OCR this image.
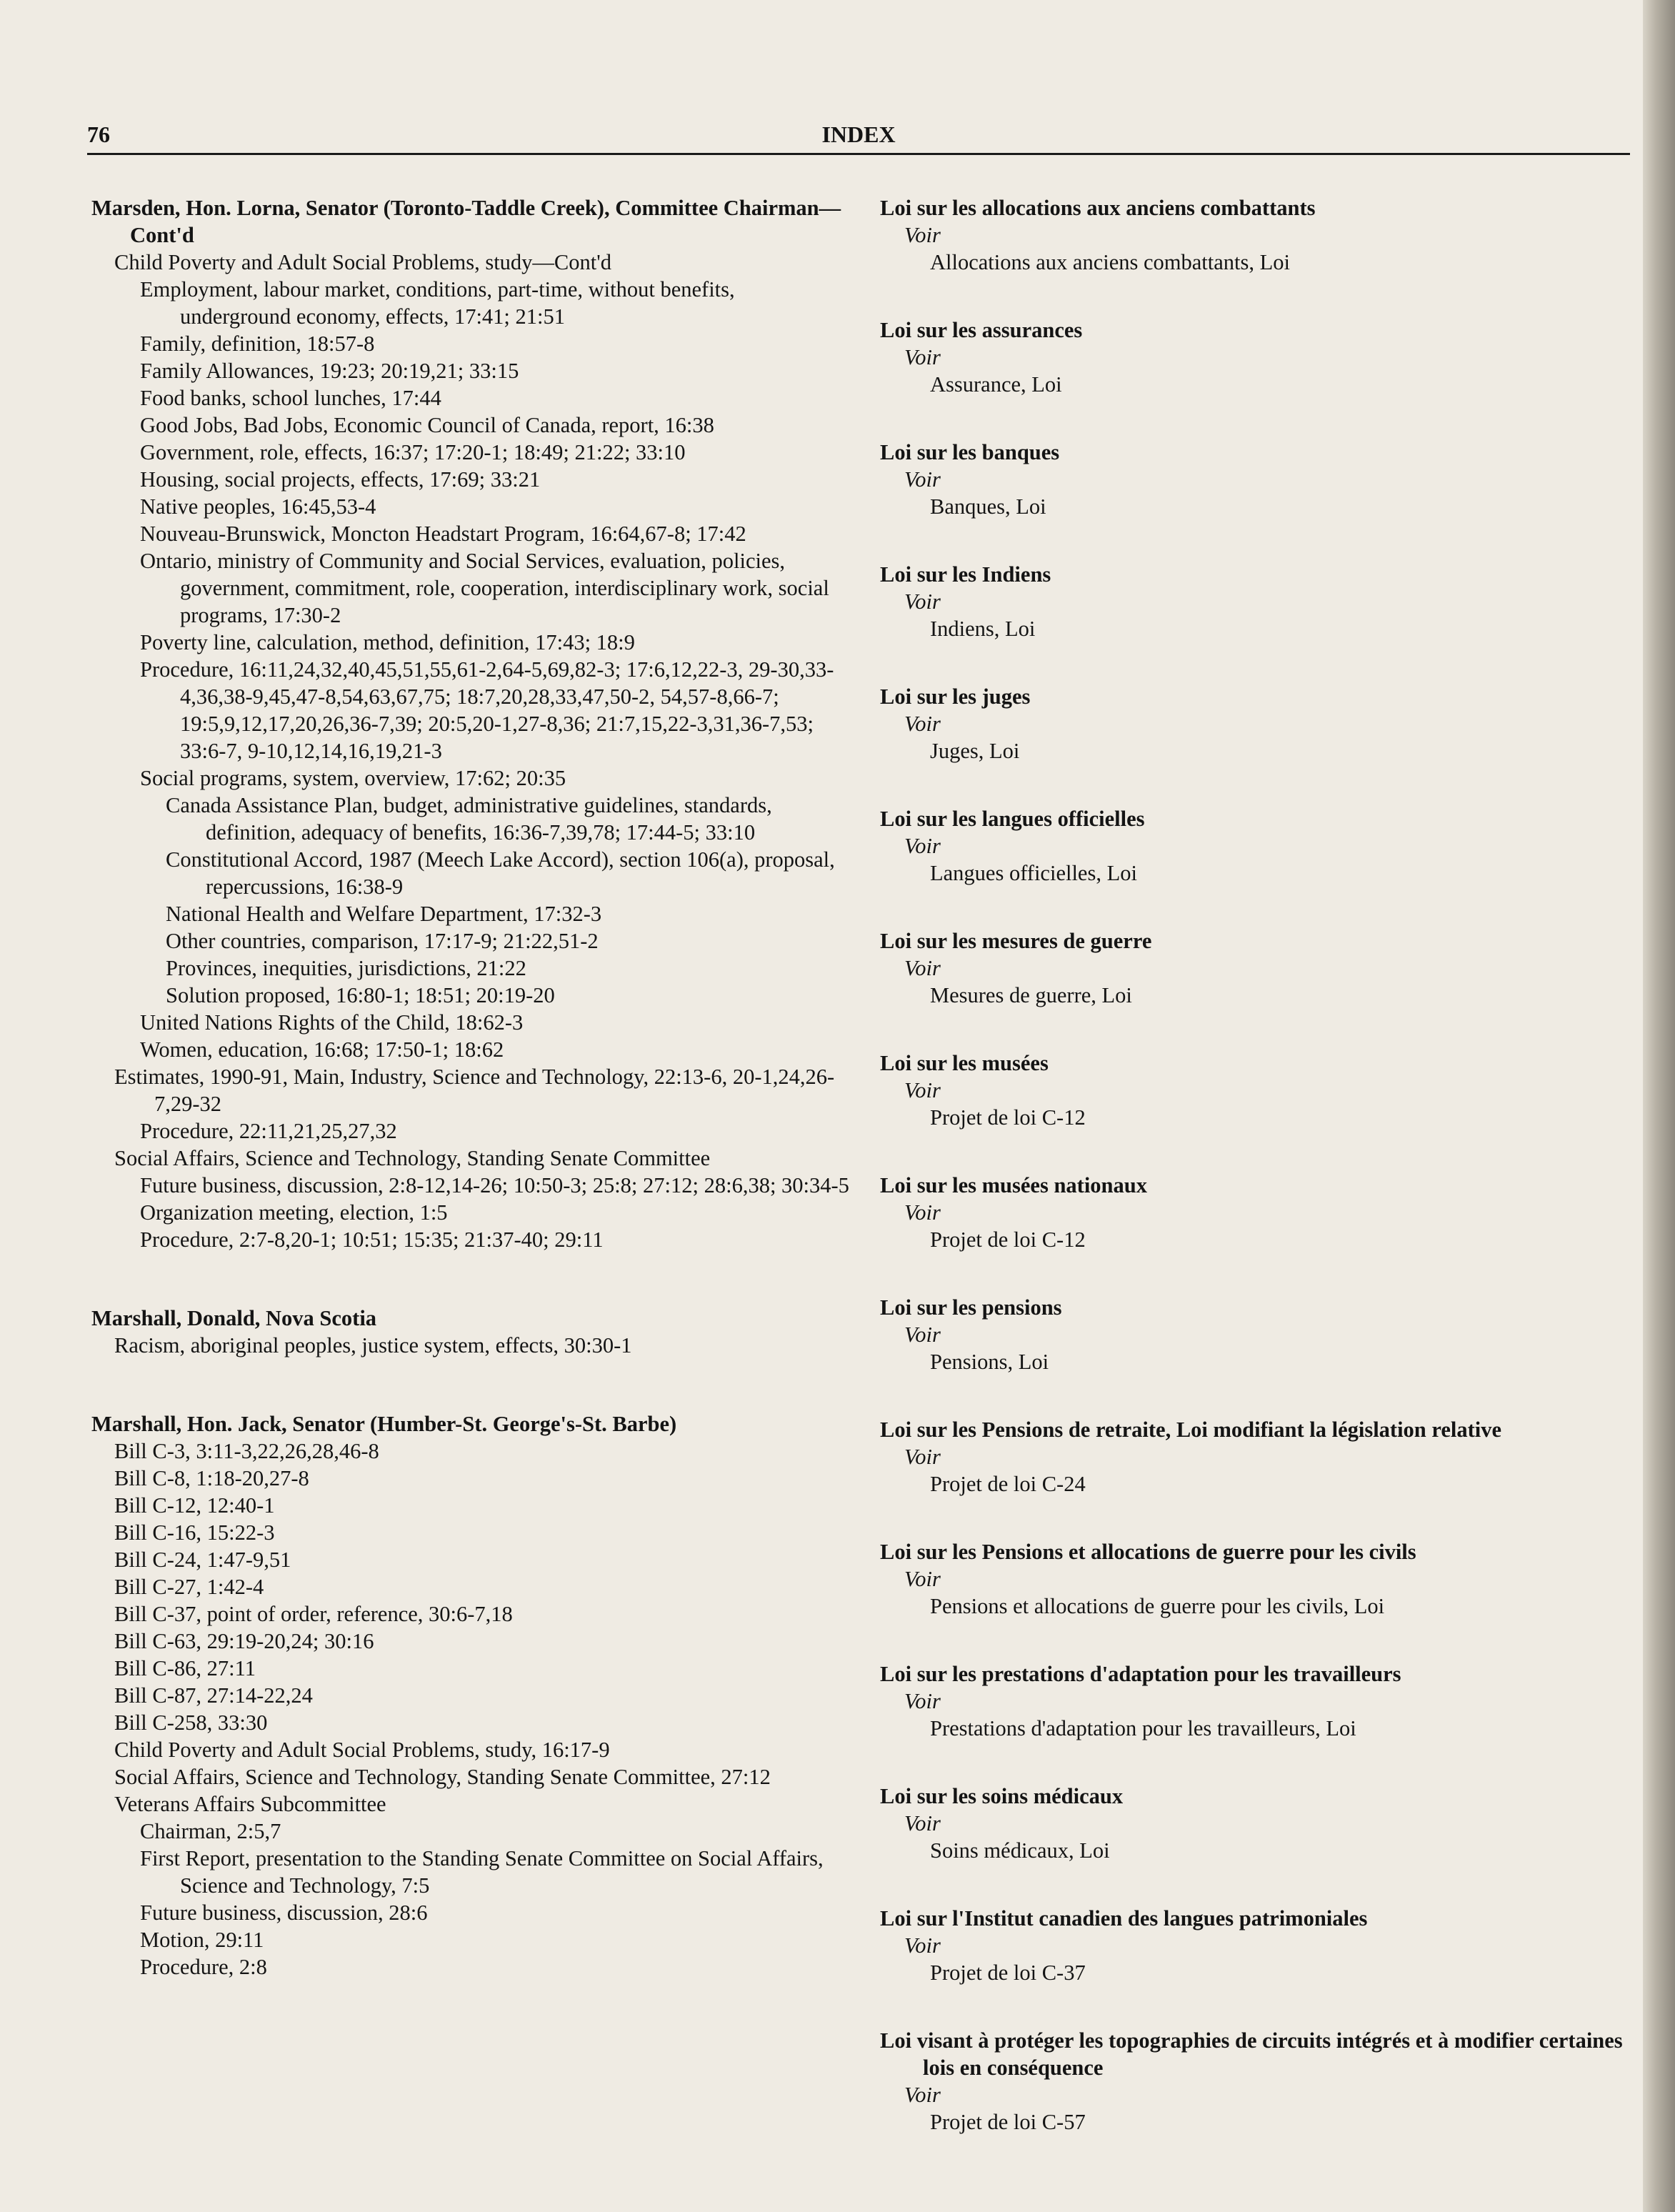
76	INDEX
Marsden, Hon. Lorna, Senator (Toronto-Taddle Creek), Committee Chairman—Cont'd
Child Poverty and Adult Social Problems, study—Cont'd
Employment, labour market, conditions, part-time, without benefits, underground economy, effects, 17:41; 21:51
Family, definition, 18:57-8
Family Allowances, 19:23; 20:19,21; 33:15
Food banks, school lunches, 17:44
Good Jobs, Bad Jobs, Economic Council of Canada, report, 16:38
Government, role, effects, 16:37; 17:20-1; 18:49; 21:22; 33:10
Housing, social projects, effects, 17:69; 33:21
Native peoples, 16:45,53-4
Nouveau-Brunswick, Moncton Headstart Program, 16:64,67-8; 17:42
Ontario, ministry of Community and Social Services, evaluation, policies, government, commitment, role, cooperation, interdisciplinary work, social programs, 17:30-2
Poverty line, calculation, method, definition, 17:43; 18:9
Procedure, 16:11,24,32,40,45,51,55,61-2,64-5,69,82-3; 17:6,12,22-3, 29-30,33-4,36,38-9,45,47-8,54,63,67,75; 18:7,20,28,33,47,50-2, 54,57-8,66-7; 19:5,9,12,17,20,26,36-7,39; 20:5,20-1,27-8,36; 21:7,15,22-3,31,36-7,53; 33:6-7, 9-10,12,14,16,19,21-3
Social programs, system, overview, 17:62; 20:35
Canada Assistance Plan, budget, administrative guidelines, standards, definition, adequacy of benefits, 16:36-7,39,78; 17:44-5; 33:10
Constitutional Accord, 1987 (Meech Lake Accord), section 106(a), proposal, repercussions, 16:38-9
National Health and Welfare Department, 17:32-3
Other countries, comparison, 17:17-9; 21:22,51-2
Provinces, inequities, jurisdictions, 21:22
Solution proposed, 16:80-1; 18:51; 20:19-20
United Nations Rights of the Child, 18:62-3
Women, education, 16:68; 17:50-1; 18:62
Estimates, 1990-91, Main, Industry, Science and Technology, 22:13-6, 20-1,24,26-7,29-32
Procedure, 22:11,21,25,27,32
Social Affairs, Science and Technology, Standing Senate Committee
Future business, discussion, 2:8-12,14-26; 10:50-3; 25:8; 27:12; 28:6,38; 30:34-5
Organization meeting, election, 1:5
Procedure, 2:7-8,20-1; 10:51; 15:35; 21:37-40; 29:11
Marshall, Donald, Nova Scotia
Racism, aboriginal peoples, justice system, effects, 30:30-1
Marshall, Hon. Jack, Senator (Humber-St. George's-St. Barbe)
Bill C-3, 3:11-3,22,26,28,46-8
Bill C-8, 1:18-20,27-8
Bill C-12, 12:40-1
Bill C-16, 15:22-3
Bill C-24, 1:47-9,51
Bill C-27, 1:42-4
Bill C-37, point of order, reference, 30:6-7,18
Bill C-63, 29:19-20,24; 30:16
Bill C-86, 27:11
Bill C-87, 27:14-22,24
Bill C-258, 33:30
Child Poverty and Adult Social Problems, study, 16:17-9
Social Affairs, Science and Technology, Standing Senate Committee, 27:12
Veterans Affairs Subcommittee
Chairman, 2:5,7
First Report, presentation to the Standing Senate Committee on Social Affairs, Science and Technology, 7:5
Future business, discussion, 28:6
Motion, 29:11
Procedure, 2:8
Loi sur les allocations aux anciens combattants
Voir
Allocations aux anciens combattants, Loi
Loi sur les assurances
Voir
Assurance, Loi
Loi sur les banques
Voir
Banques, Loi
Loi sur les Indiens
Voir
Indiens, Loi
Loi sur les juges
Voir
Juges, Loi
Loi sur les langues officielles
Voir
Langues officielles, Loi
Loi sur les mesures de guerre
Voir
Mesures de guerre, Loi
Loi sur les musées
Voir
Projet de loi C-12
Loi sur les musées nationaux
Voir
Projet de loi C-12
Loi sur les pensions
Voir
Pensions, Loi
Loi sur les Pensions de retraite, Loi modifiant la législation relative
Voir
Projet de loi C-24
Loi sur les Pensions et allocations de guerre pour les civils
Voir
Pensions et allocations de guerre pour les civils, Loi
Loi sur les prestations d'adaptation pour les travailleurs
Voir
Prestations d'adaptation pour les travailleurs, Loi
Loi sur les soins médicaux
Voir
Soins médicaux, Loi
Loi sur l'Institut canadien des langues patrimoniales
Voir
Projet de loi C-37
Loi visant à protéger les topographies de circuits intégrés et à modifier certaines lois en conséquence
Voir
Projet de loi C-57
